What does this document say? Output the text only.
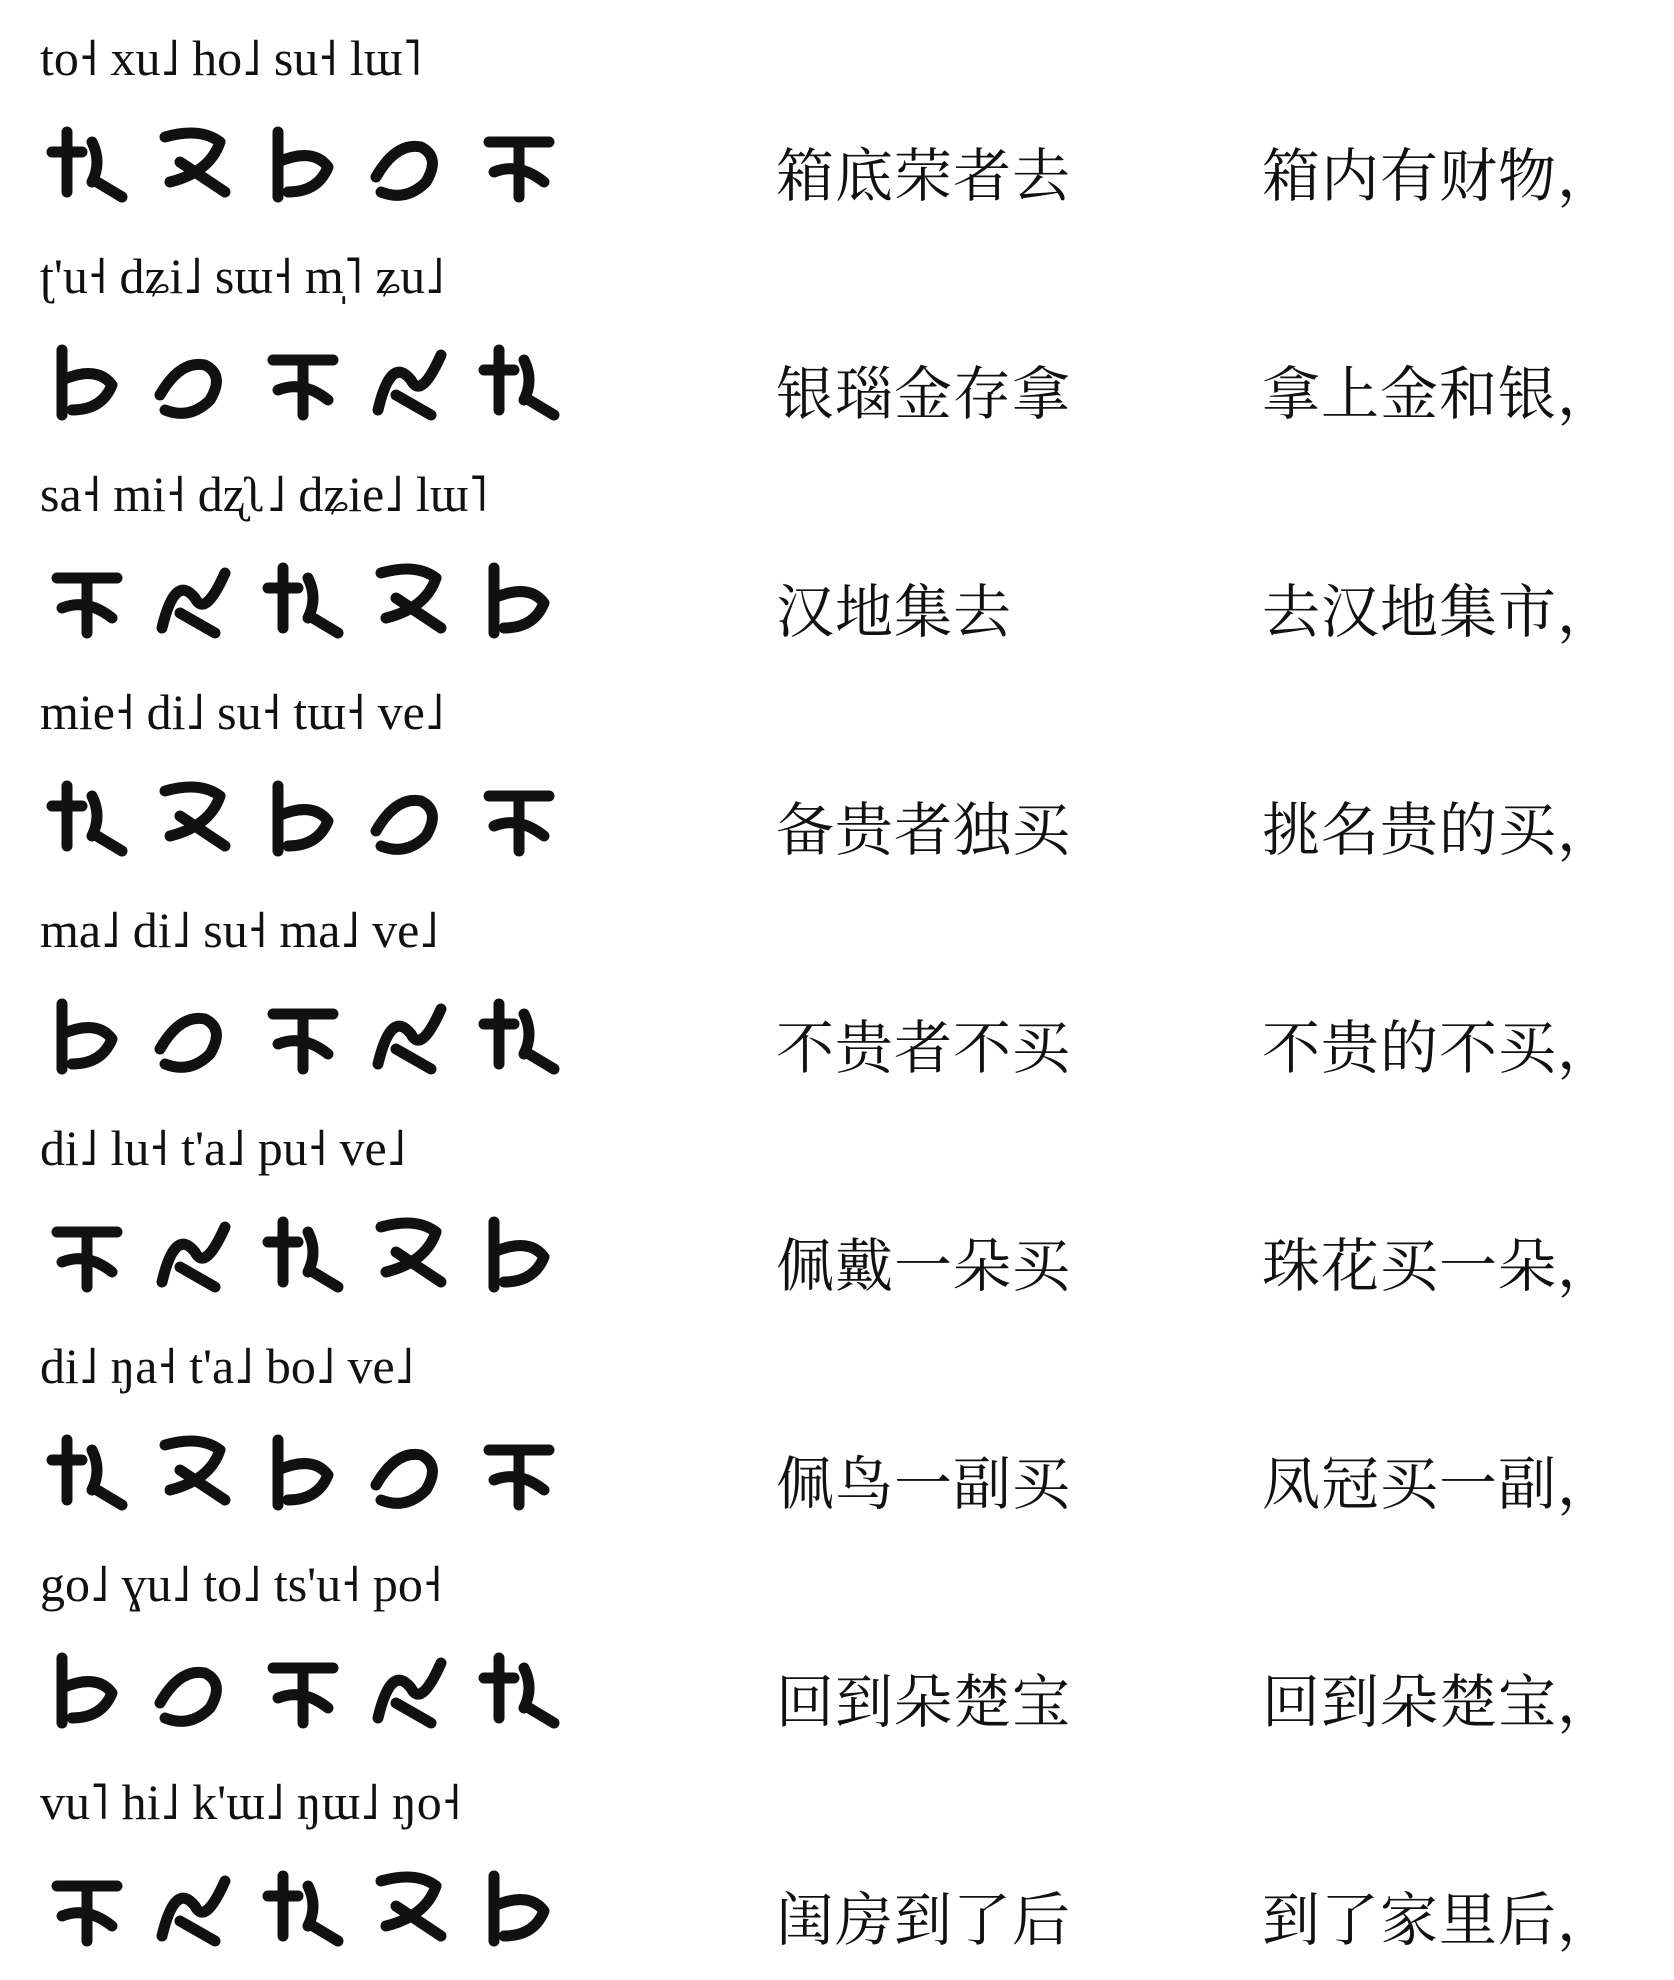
to˧ xu˩ ho˩ su˧ lɯ˥
箱底荣者去	箱内有财物，
ʈ'u˧ dʑi˩ sɯ˧ m̩˥ ʑu˩
银瑙金存拿	拿上金和银，
sa˧ mi˧ dʐʅ˩ dʑie˩ lɯ˥
汉地集去	去汉地集市，
mie˧ di˩ su˧ tɯ˧ ve˩
备贵者独买	挑名贵的买，
ma˩ di˩ su˧ ma˩ ve˩
不贵者不买	不贵的不买，
di˩ lu˧ t'a˩ pu˧ ve˩
佩戴一朵买	珠花买一朵，
di˩ ŋa˧ t'a˩ bo˩ ve˩
佩鸟一副买	凤冠买一副，
go˩ ɣu˩ to˩ ts'u˧ po˧
回到朵楚宝	回到朵楚宝，
vu˥ hi˩ k'ɯ˩ ŋɯ˩ ŋo˧
闺房到了后	到了家里后，
